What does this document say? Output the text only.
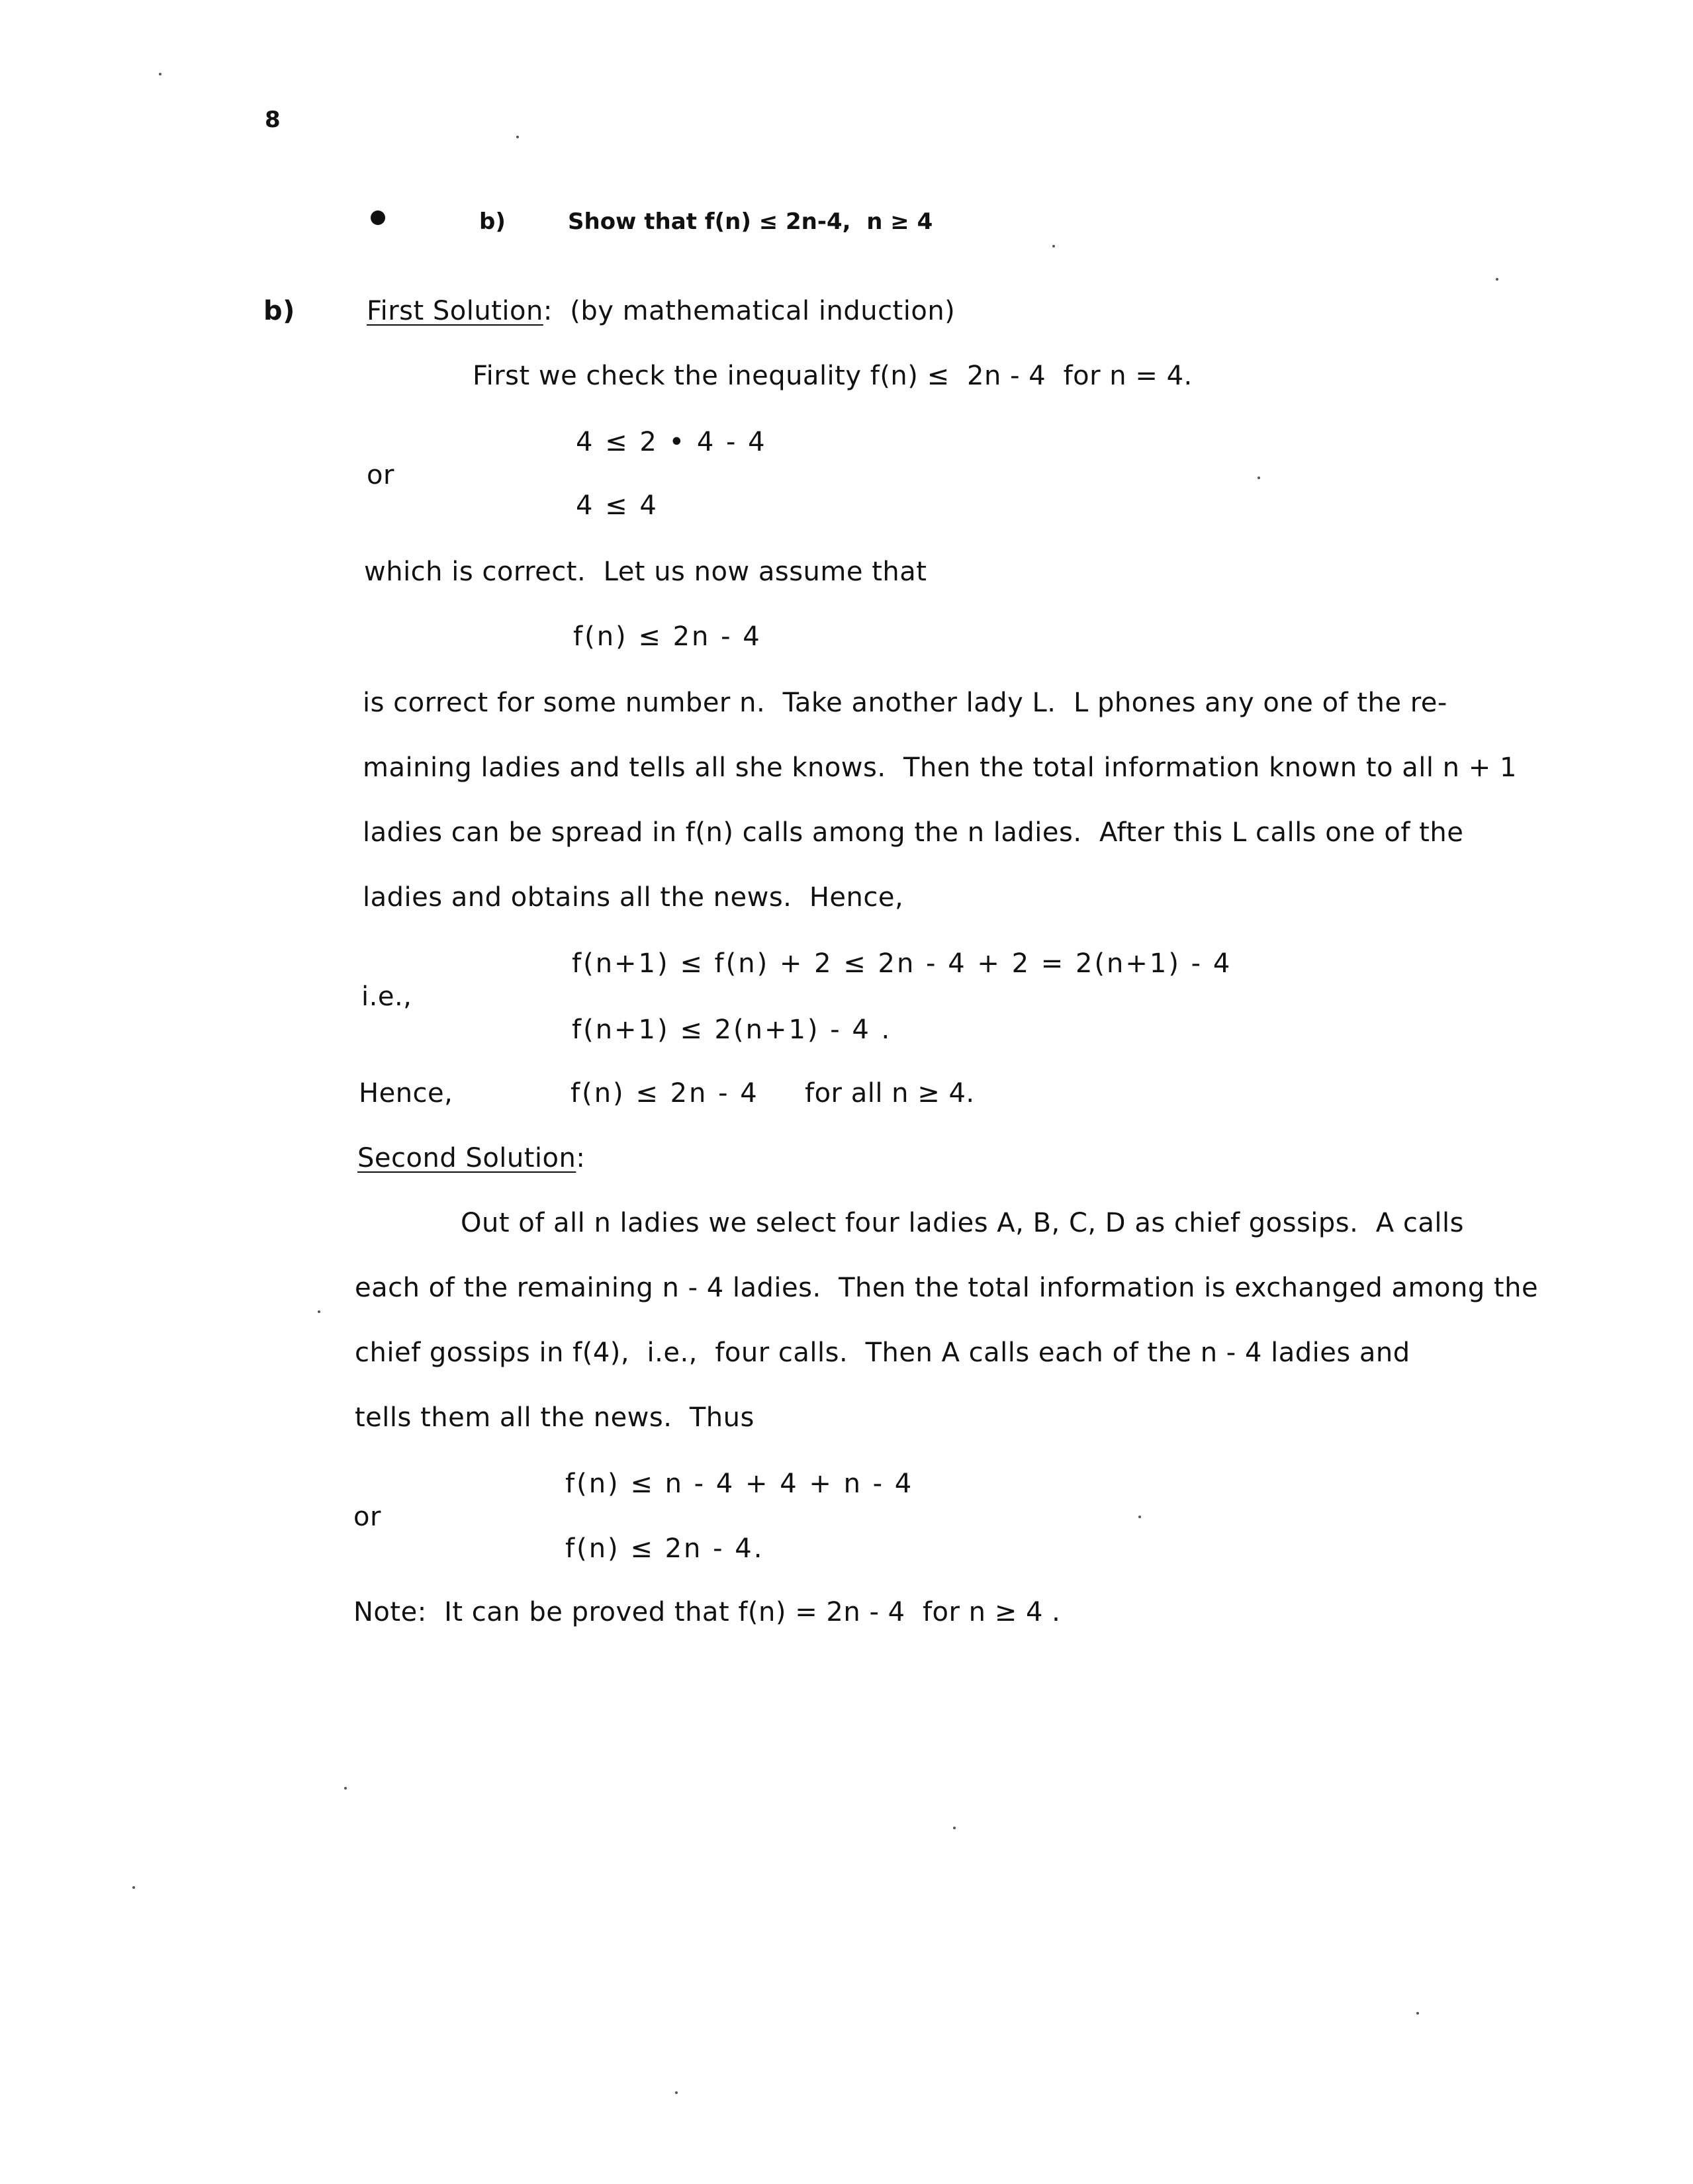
8
b)	Show that f(n) ≤ 2n-4,  n ≥ 4
b)	First Solution:  (by mathematical induction)
First we check the inequality f(n) ≤  2n - 4  for n = 4.
4 ≤ 2 • 4 - 4
or
4 ≤ 4
which is correct.  Let us now assume that
f(n) ≤ 2n - 4
is correct for some number n.  Take another lady L.  L phones any one of the re-
maining ladies and tells all she knows.  Then the total information known to all n + 1
ladies can be spread in f(n) calls among the n ladies.  After this L calls one of the
ladies and obtains all the news.  Hence,
f(n+1) ≤ f(n) + 2 ≤ 2n - 4 + 2 = 2(n+1) - 4
i.e.,
f(n+1) ≤ 2(n+1) - 4 .
Hence,	f(n) ≤ 2n - 4 for all n ≥ 4.
Second Solution:
Out of all n ladies we select four ladies A, B, C, D as chief gossips.  A calls
each of the remaining n - 4 ladies.  Then the total information is exchanged among the
chief gossips in f(4),  i.e.,  four calls.  Then A calls each of the n - 4 ladies and
tells them all the news.  Thus
f(n) ≤ n - 4 + 4 + n - 4
or
f(n) ≤ 2n - 4.
Note:  It can be proved that f(n) = 2n - 4  for n ≥ 4 .
